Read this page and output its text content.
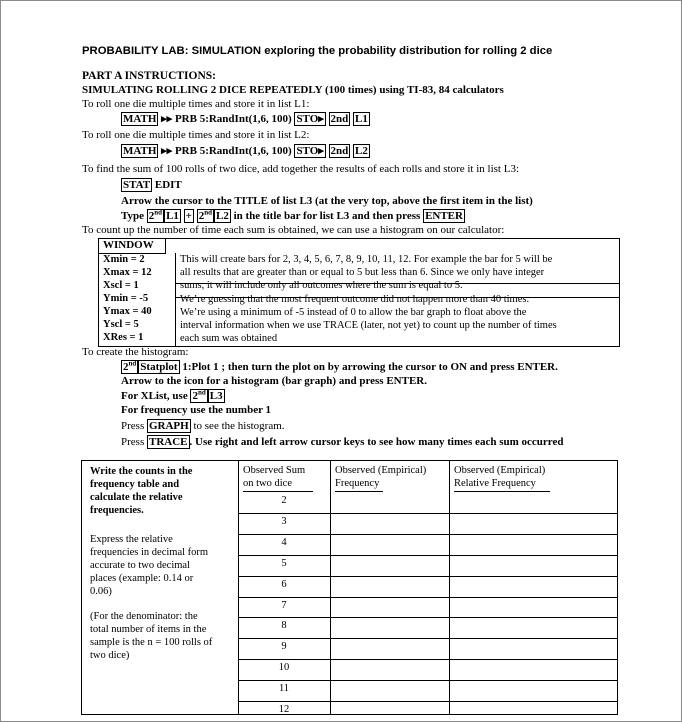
PROBABILITY LAB: SIMULATION exploring the probability distribution for rolling 2 dice
PART A INSTRUCTIONS:
SIMULATING ROLLING 2 DICE REPEATEDLY (100 times) using TI-83, 84 calculators
To roll one die multiple times and store it in list L1:
MATH ▸▸ PRB 5:RandInt(1,6, 100) STO▸ 2nd L1
To roll one die multiple times and store it in list L2:
MATH ▸▸ PRB 5:RandInt(1,6, 100) STO▸ 2nd L2
To find the sum of 100 rolls of two dice, add together the results of each rolls and store it in list L3:
STAT EDIT
Arrow the cursor to the TITLE of list L3 (at the very top, above the first item in the list)
Type 2nd L1 + 2nd L2 in the title bar for list L3 and then press ENTER
To count up the number of time each sum is obtained, we can use a histogram on our calculator:
WINDOW
Xmin = 2
Xmax = 12
Xscl = 1
Ymin = -5
Ymax = 40
Yscl = 5
XRes = 1
This will create bars for 2, 3, 4, 5, 6, 7, 8, 9, 10, 11, 12. For example the bar for 5 will be
all results that are greater than or equal to 5 but less than 6. Since we only have integer
sums, it will include only all outcomes where the sum is equal to 5.
We’re guessing that the most frequent outcome did not happen more than 40 times.
We’re using a minimum of -5 instead of 0 to allow the bar graph to float above the
interval information when we use TRACE (later, not yet) to count up the number of times
each sum was obtained
To create the histogram:
2nd Statplot 1:Plot 1 ; then turn the plot on by arrowing the cursor to ON and press ENTER.
Arrow to the icon for a histogram (bar graph) and press ENTER.
For XList, use 2nd L3
For frequency use the number 1
Press GRAPH to see the histogram.
Press TRACE . Use right and left arrow cursor keys to see how many times each sum occurred
Write the counts in the
frequency table and
calculate the relative
frequencies.
Express the relative
frequencies in decimal form
accurate to two decimal
places (example: 0.14 or
0.06)
(For the denominator: the
total number of items in the
sample is the n = 100 rolls of
two dice)
Observed Sum
on two dice
Observed (Empirical)
Frequency
Observed (Empirical)
Relative Frequency
2
3
4
5
6
7
8
9
10
11
12
